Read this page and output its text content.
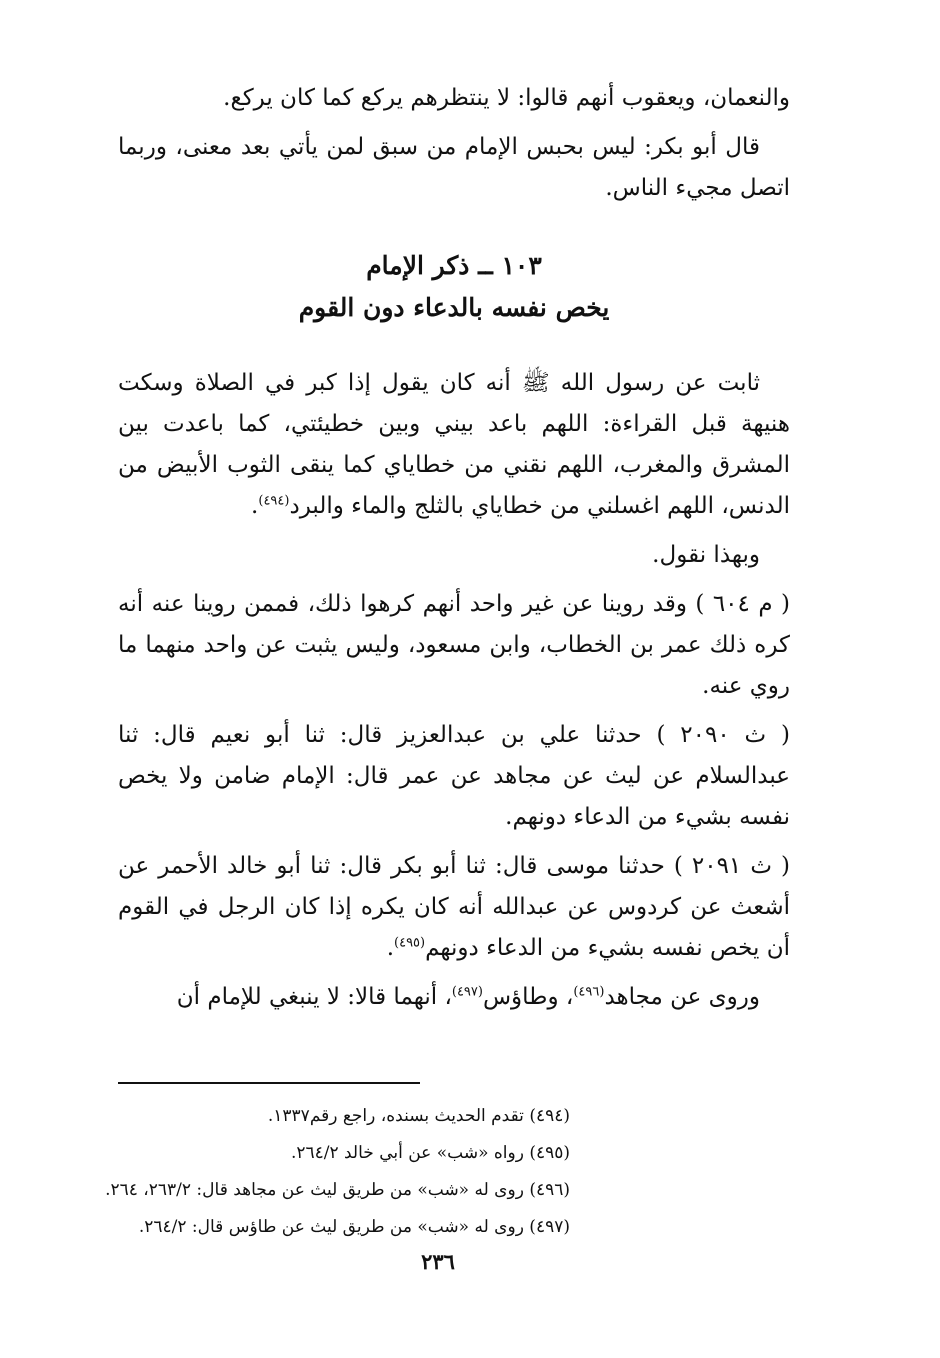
والنعمان، ويعقوب أنهم قالوا: لا ينتظرهم يركع كما كان يركع.

قال أبو بكر: ليس بحبس الإمام من سبق لمن يأتي بعد معنى، وربما اتصل مجيء الناس.

١٠٣ ــ ذكر الإمام
يخص نفسه بالدعاء دون القوم

ثابت عن رسول الله ﷺ أنه كان يقول إذا كبر في الصلاة وسكت هنيهة قبل القراءة: اللهم باعد بيني وبين خطيئتي، كما باعدت بين المشرق والمغرب، اللهم نقني من خطاياي كما ينقى الثوب الأبيض من الدنس، اللهم اغسلني من خطاياي بالثلج والماء والبرد$^{(٤٩٤)}$.

وبهذا نقول.

( م ٦٠٤ ) وقد روينا عن غير واحد أنهم كرهوا ذلك، فممن روينا عنه أنه كره ذلك عمر بن الخطاب، وابن مسعود، وليس يثبت عن واحد منهما ما روي عنه.

( ث ٢٠٩٠ ) حدثنا علي بن عبدالعزيز قال: ثنا أبو نعيم قال: ثنا عبدالسلام عن ليث عن مجاهد عن عمر قال: الإمام ضامن ولا يخص نفسه بشيء من الدعاء دونهم.

( ث ٢٠٩١ ) حدثنا موسى قال: ثنا أبو بكر قال: ثنا أبو خالد الأحمر عن أشعث عن كردوس عن عبدالله أنه كان يكره إذا كان الرجل في القوم أن يخص نفسه بشيء من الدعاء دونهم$^{(٤٩٥)}$.

وروى عن مجاهد$^{(٤٩٦)}$، وطاؤس$^{(٤٩٧)}$، أنهما قالا: لا ينبغي للإمام أن

(٤٩٤) تقدم الحديث بسنده، راجع رقم١٣٣٧.
(٤٩٥) رواه «شب» عن أبي خالد ٢٦٤/٢.
(٤٩٦) روى له «شب» من طريق ليث عن مجاهد قال: ٢٦٣/٢، ٢٦٤.
(٤٩٧) روى له «شب» من طريق ليث عن طاؤس قال: ٢٦٤/٢.
٢٣٦
